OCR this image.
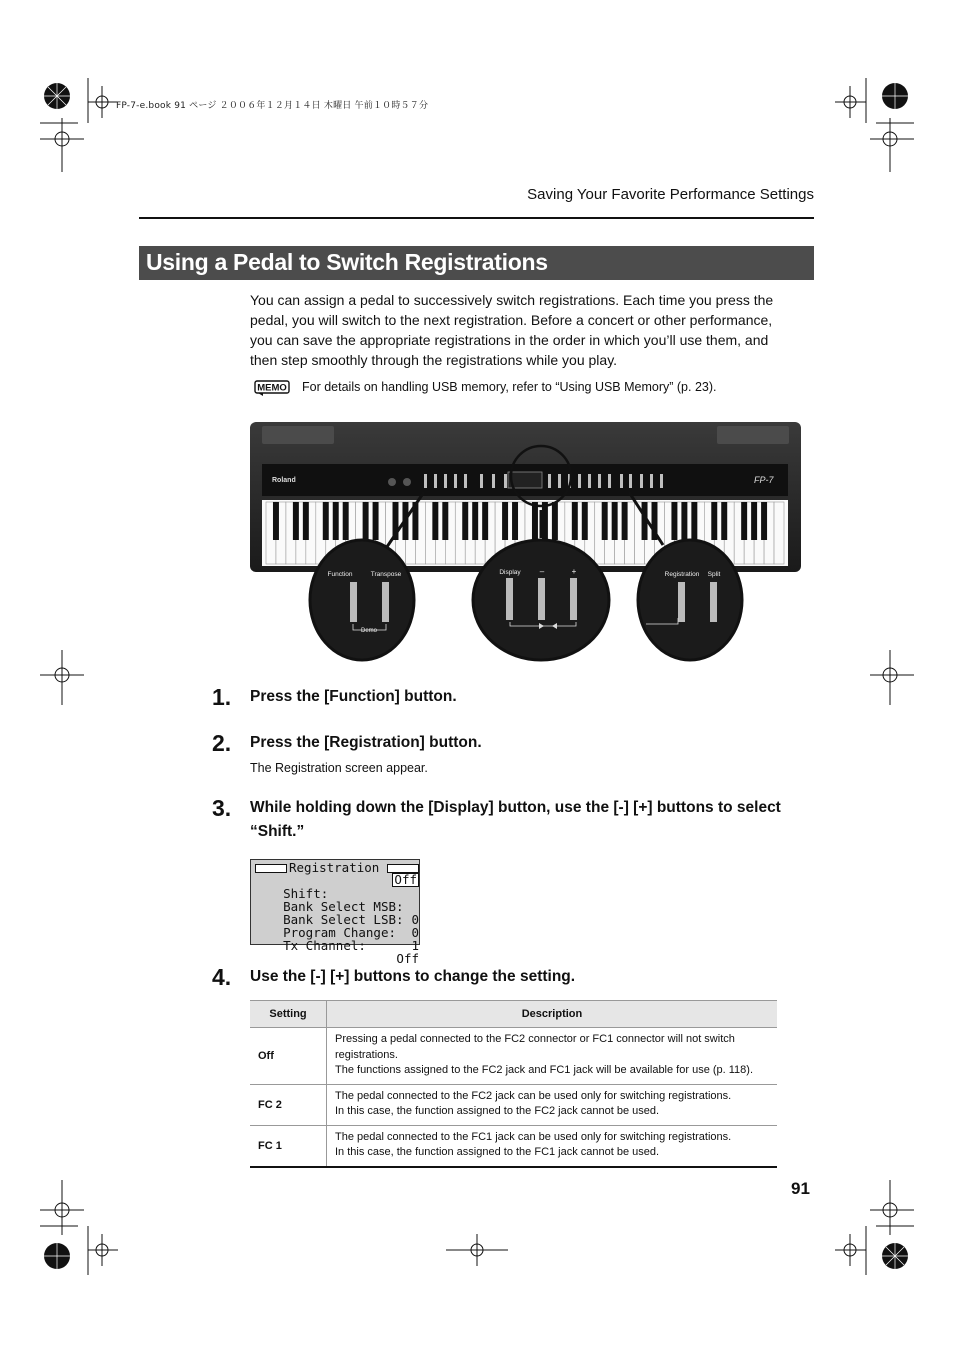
FP-7-e.book 91 ページ ２００６年１２月１４日 木曜日 午前１０時５７分
Saving Your Favorite Performance Settings
Using a Pedal to Switch Registrations
You can assign a pedal to successively switch registrations. Each time you press the pedal, you will switch to the next registration. Before a concert or other performance, you can save the appropriate registrations in the order in which you’ll use them, and then step smoothly through the registrations while you play.
MEMO For details on handling USB memory, refer to “Using USB Memory” (p. 23).
Roland	FP-7
Function	Transpose
Demo
Display –	+	Registration Split
1. Press the [Function] button.
2. Press the [Registration] button.
The Registration screen appear.
3. While holding down the [Display] button, use the [-] [+] buttons to select
“Shift.”

Registration

Shift:

Off

Bank Select MSB:

0

Bank Select LSB:

0

Program Change:

1

Tx Channel:

Off

4. Use the [-] [+] buttons to change the setting.
Setting	Description
Off	Pressing a pedal connected to the FC2 connector or FC1 connector will not switch registrations.
The functions assigned to the FC2 jack and FC1 jack will be available for use (p. 118).

FC 2	The pedal connected to the FC2 jack can be used only for switching registrations.
In this case, the function assigned to the FC2 jack cannot be used.

FC 1	The pedal connected to the FC1 jack can be used only for switching registrations.
In this case, the function assigned to the FC1 jack cannot be used.
91
